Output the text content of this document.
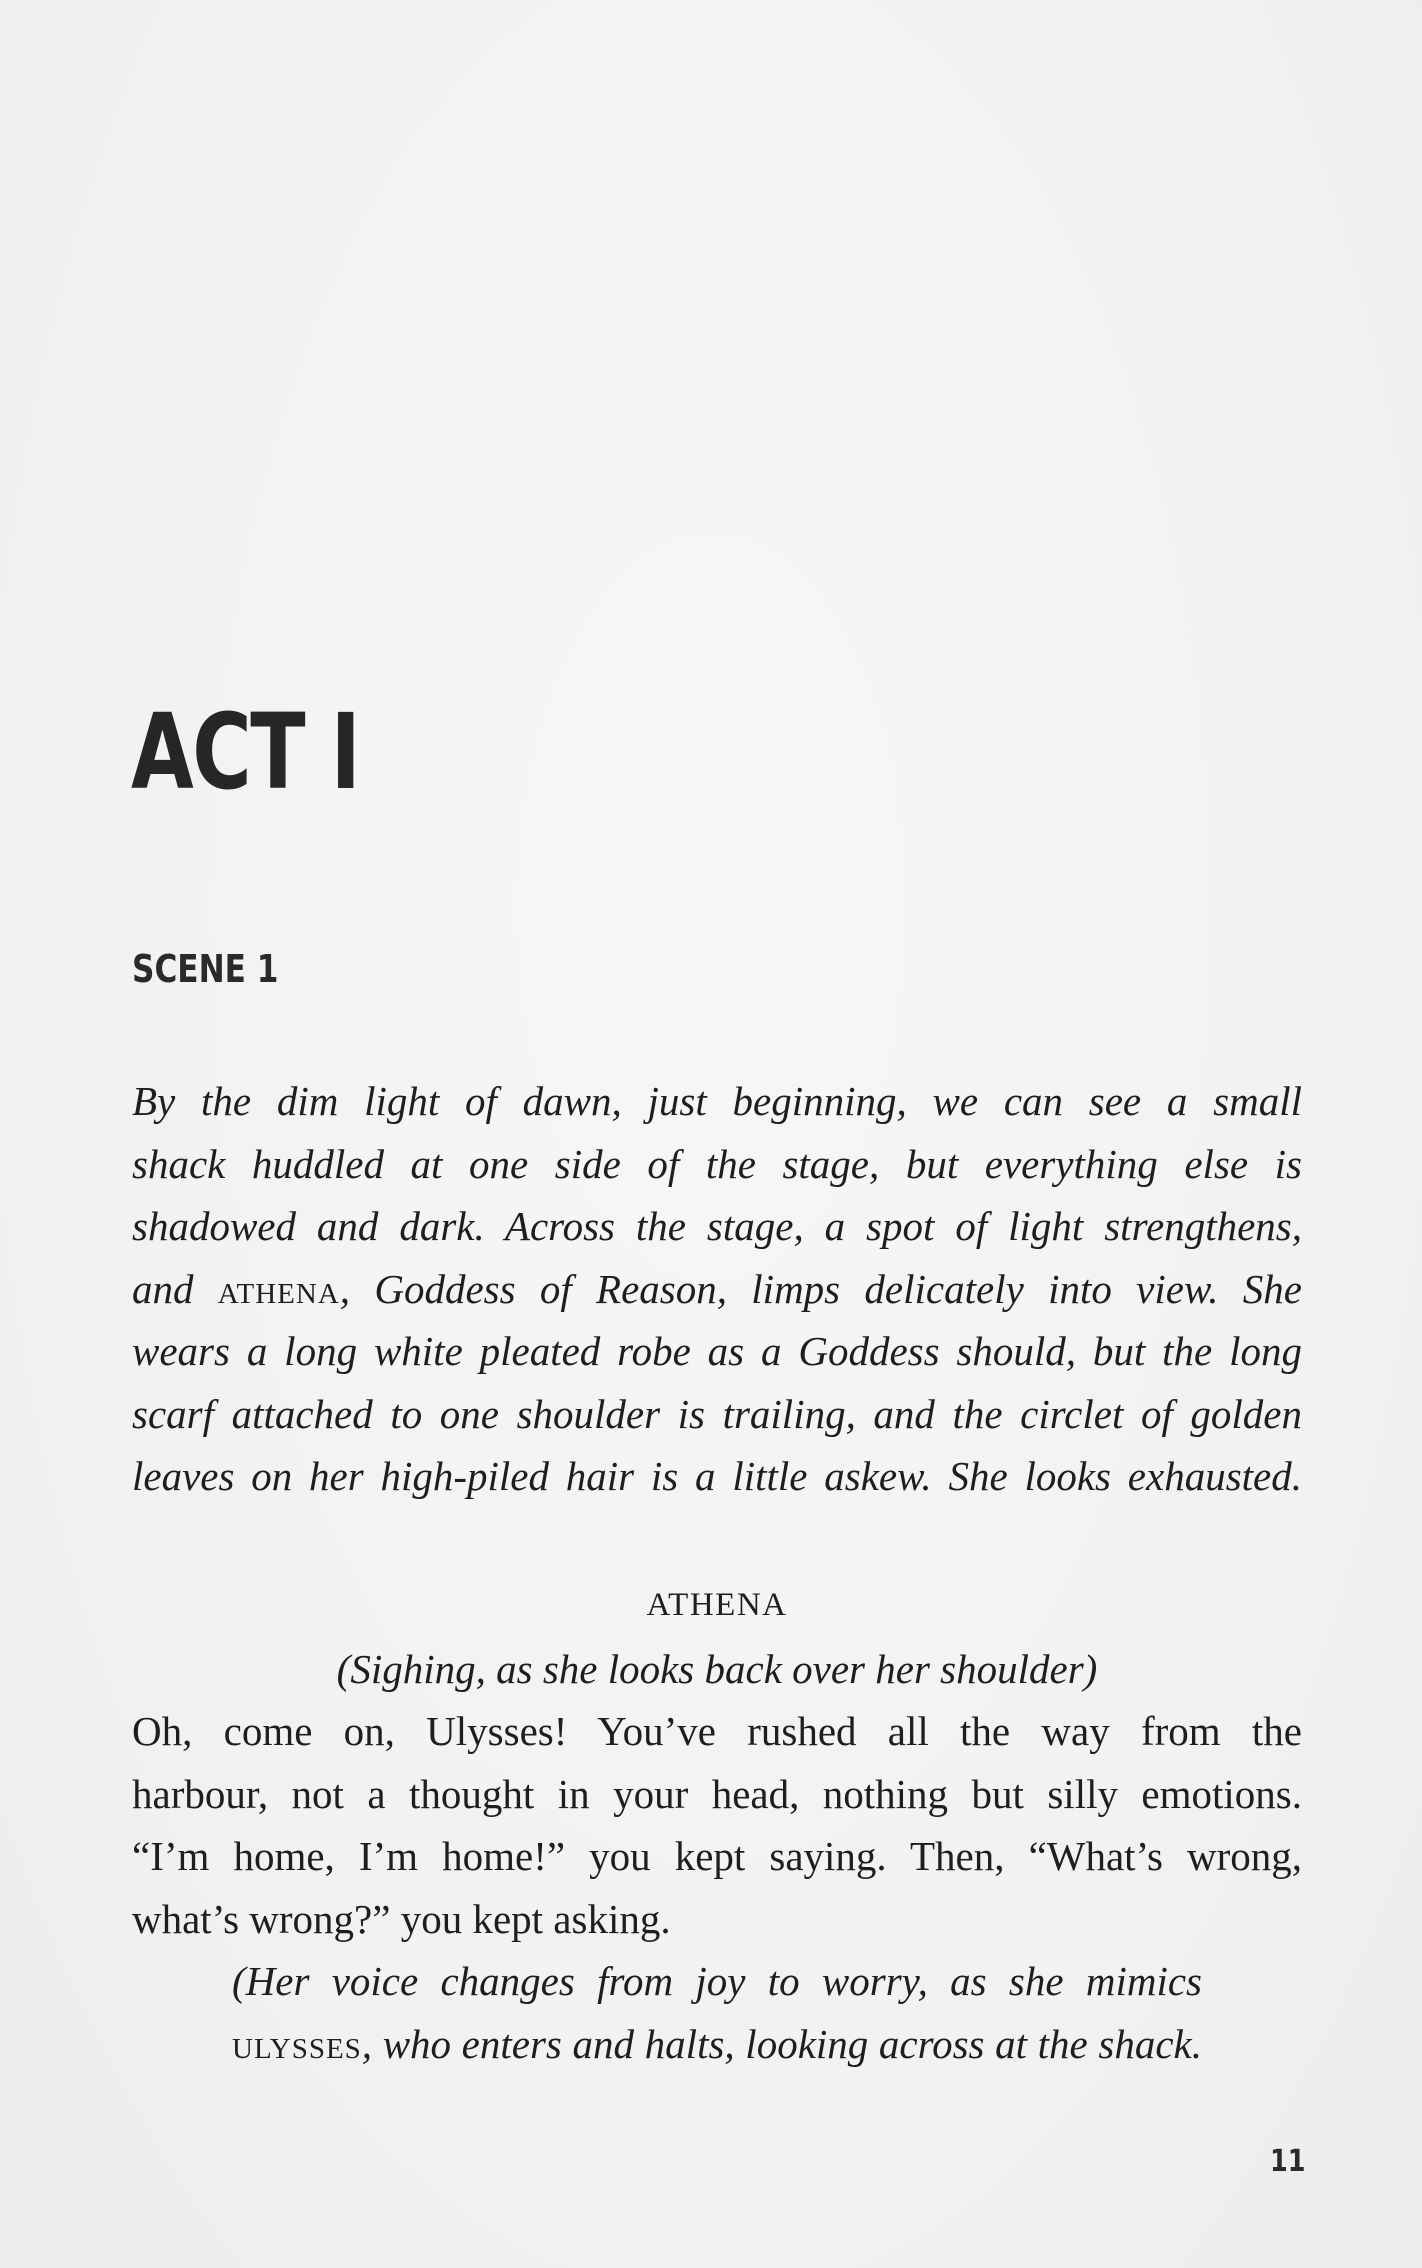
ACT I
SCENE 1
By the dim light of dawn, just beginning, we can see a small
shack huddled at one side of the stage, but everything else is
shadowed and dark. Across the stage, a spot of light strengthens,
and athena, Goddess of Reason, limps delicately into view. She
wears a long white pleated robe as a Goddess should, but the long
scarf attached to one shoulder is trailing, and the circlet of golden
leaves on her high-piled hair is a little askew. She looks exhausted.
ATHENA
(Sighing, as she looks back over her shoulder)
Oh, come on, Ulysses! You’ve rushed all the way from the
harbour, not a thought in your head, nothing but silly emotions.
“I’m home, I’m home!” you kept saying. Then, “What’s wrong,
what’s wrong?” you kept asking.
(Her voice changes from joy to worry, as she mimics
ulysses, who enters and halts, looking across at the shack.
11
